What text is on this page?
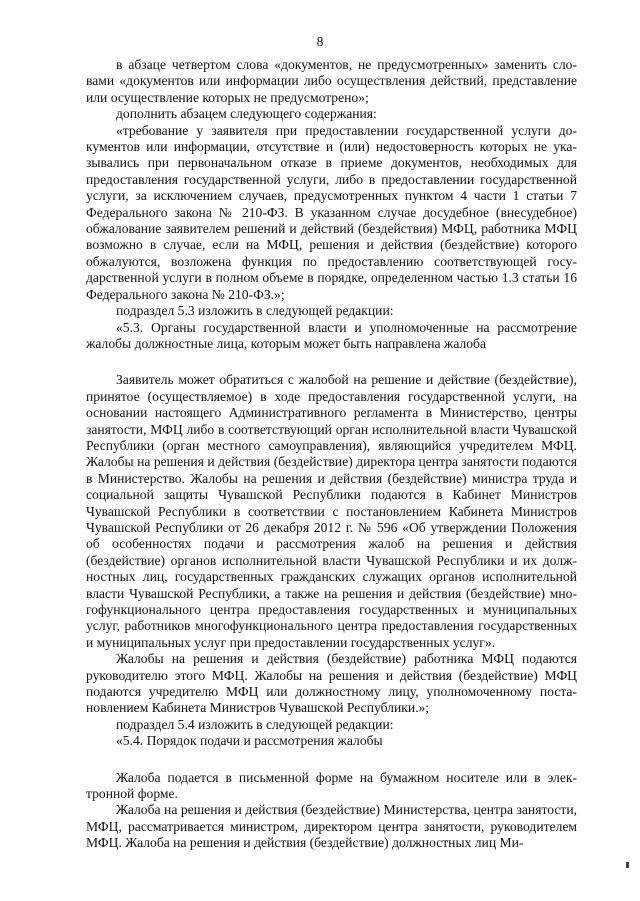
8

в абзаце четвертом слова «документов, не предусмотренных» заменить словами «документов или информации либо осуществления действий, представление или осуществление которых не предусмотрено»;

дополнить абзацем следующего содержания:

«требование у заявителя при предоставлении государственной услуги документов или информации, отсутствие и (или) недостоверность которых не указывались при первоначальном отказе в приеме документов, необходимых для предоставления государственной услуги, либо в предоставлении государственной услуги, за исключением случаев, предусмотренных пунктом 4 части 1 статьи 7 Федерального закона № 210-ФЗ. В указанном случае досудебное (внесудебное) обжалование заявителем решений и действий (бездействия) МФЦ, работника МФЦ возможно в случае, если на МФЦ, решения и действия (бездействие) которого обжалуются, возложена функция по предоставлению соответствующей государственной услуги в полном объеме в порядке, определенном частью 1.3 статьи 16 Федерального закона № 210-ФЗ.»;

подраздел 5.3 изложить в следующей редакции:

«5.3. Органы государственной власти и уполномоченные на рассмотрение жалобы должностные лица, которым может быть направлена жалоба

Заявитель может обратиться с жалобой на решение и действие (бездействие), принятое (осуществляемое) в ходе предоставления государственной услуги, на основании настоящего Административного регламента в Министерство, центры занятости, МФЦ либо в соответствующий орган исполнительной власти Чувашской Республики (орган местного самоуправления), являющийся учредителем МФЦ. Жалобы на решения и действия (бездействие) директора центра занятости подаются в Министерство. Жалобы на решения и действия (бездействие) министра труда и социальной защиты Чувашской Республики подаются в Кабинет Министров Чувашской Республики в соответствии с постановлением Кабинета Министров Чувашской Республики от 26 декабря 2012 г. № 596 «Об утверждении Положения об особенностях подачи и рассмотрения жалоб на решения и действия (бездействие) органов исполнительной власти Чувашской Республики и их должностных лиц, государственных гражданских служащих органов исполнительной власти Чувашской Республики, а также на решения и действия (бездействие) многофункционального центра предоставления государственных и муниципальных услуг, работников многофункционального центра предоставления государственных и муниципальных услуг при предоставлении государственных услуг».

Жалобы на решения и действия (бездействие) работника МФЦ подаются руководителю этого МФЦ. Жалобы на решения и действия (бездействие) МФЦ подаются учредителю МФЦ или должностному лицу, уполномоченному постановлением Кабинета Министров Чувашской Республики.»;

подраздел 5.4 изложить в следующей редакции:

«5.4. Порядок подачи и рассмотрения жалобы

Жалоба подается в письменной форме на бумажном носителе или в электронной форме.

Жалоба на решения и действия (бездействие) Министерства, центра занятости, МФЦ, рассматривается министром, директором центра занятости, руководителем МФЦ. Жалоба на решения и действия (бездействие) должностных лиц Ми-
